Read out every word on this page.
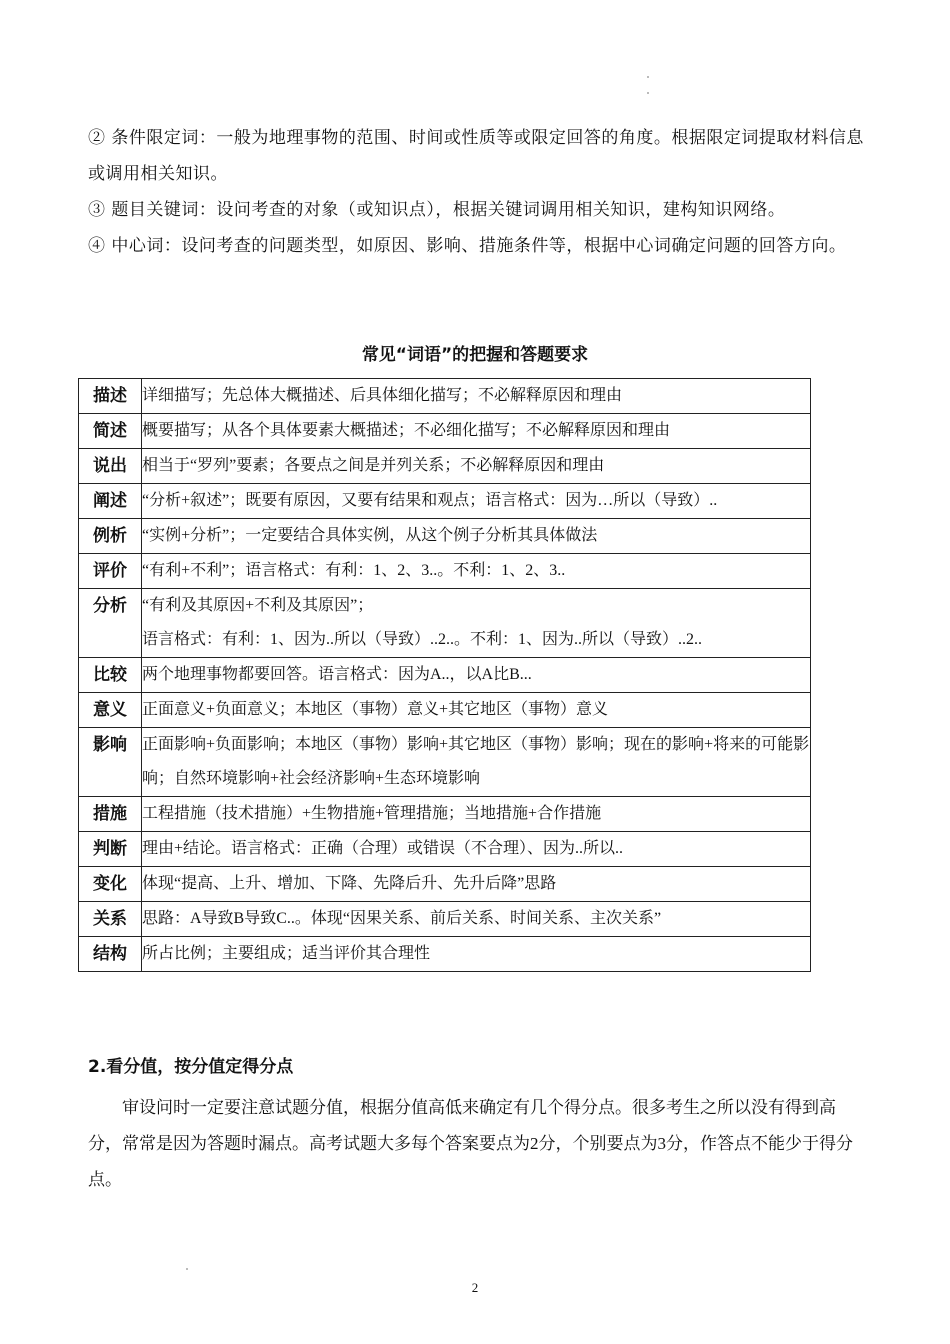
② 条件限定词：一般为地理事物的范围、时间或性质等或限定回答的角度。根据限定词提取材料信息或调用相关知识。

③ 题目关键词：设问考查的对象（或知识点），根据关键词调用相关知识，建构知识网络。

④ 中心词：设问考查的问题类型，如原因、影响、措施条件等，根据中心词确定问题的回答方向。

常见“词语”的把握和答题要求
描述	详细描写；先总体大概描述、后具体细化描写；不必解释原因和理由

简述	概要描写；从各个具体要素大概描述；不必细化描写；不必解释原因和理由

说出	相当于“罗列”要素；各要点之间是并列关系；不必解释原因和理由

阐述	“分析+叙述”；既要有原因，又要有结果和观点；语言格式：因为…所以（导致）..

例析	“实例+分析”；一定要结合具体实例，从这个例子分析其具体做法

评价	“有利+不利”；语言格式：有利：1、2、3..。不利：1、2、3..

分析	“有利及其原因+不利及其原因”；
语言格式：有利：1、因为..所以（导致）..2..。不利：1、因为..所以（导致）..2..

比较	两个地理事物都要回答。语言格式：因为A..，以A比B...

意义	正面意义+负面意义；本地区（事物）意义+其它地区（事物）意义

影响	正面影响+负面影响；本地区（事物）影响+其它地区（事物）影响；现在的影响+将来的可能影响；自然环境影响+社会经济影响+生态环境影响

措施	工程措施（技术措施）+生物措施+管理措施；当地措施+合作措施

判断	理由+结论。语言格式：正确（合理）或错误（不合理）、因为..所以..

变化	体现“提高、上升、增加、下降、先降后升、先升后降”思路

关系	思路：A导致B导致C..。体现“因果关系、前后关系、时间关系、主次关系”

结构	所占比例；主要组成；适当评价其合理性
2.看分值，按分值定得分点

审设问时一定要注意试题分值，根据分值高低来确定有几个得分点。很多考生之所以没有得到高分，常常是因为答题时漏点。高考试题大多每个答案要点为2分，个别要点为3分，作答点不能少于得分点。

2
